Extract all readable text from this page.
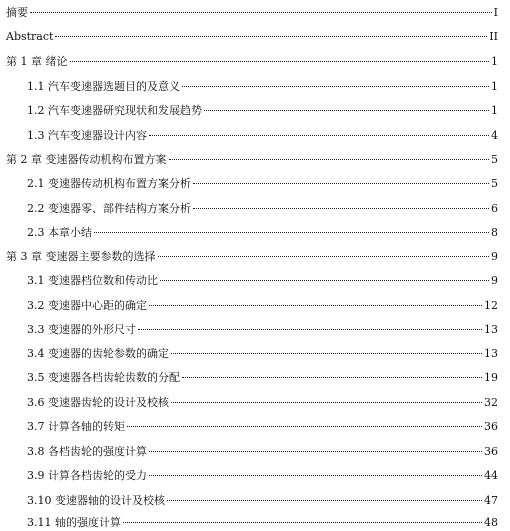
摘要	I
Abstract	II
第 1 章 绪论	1
1.1 汽车变速器选题目的及意义	1
1.2 汽车变速器研究现状和发展趋势	1
1.3 汽车变速器设计内容	4
第 2 章 变速器传动机构布置方案	5
2.1 变速器传动机构布置方案分析	5
2.2 变速器零、部件结构方案分析	6
2.3 本章小结	8
第 3 章 变速器主要参数的选择	9
3.1 变速器档位数和传动比	9
3.2 变速器中心距的确定	12
3.3 变速器的外形尺寸	13
3.4 变速器的齿轮参数的确定	13
3.5 变速器各档齿轮齿数的分配	19
3.6 变速器齿轮的设计及校核	32
3.7 计算各轴的转矩	36
3.8 各档齿轮的强度计算	36
3.9 计算各档齿轮的受力	44
3.10 变速器轴的设计及校核	47
3.11 轴的强度计算	48
